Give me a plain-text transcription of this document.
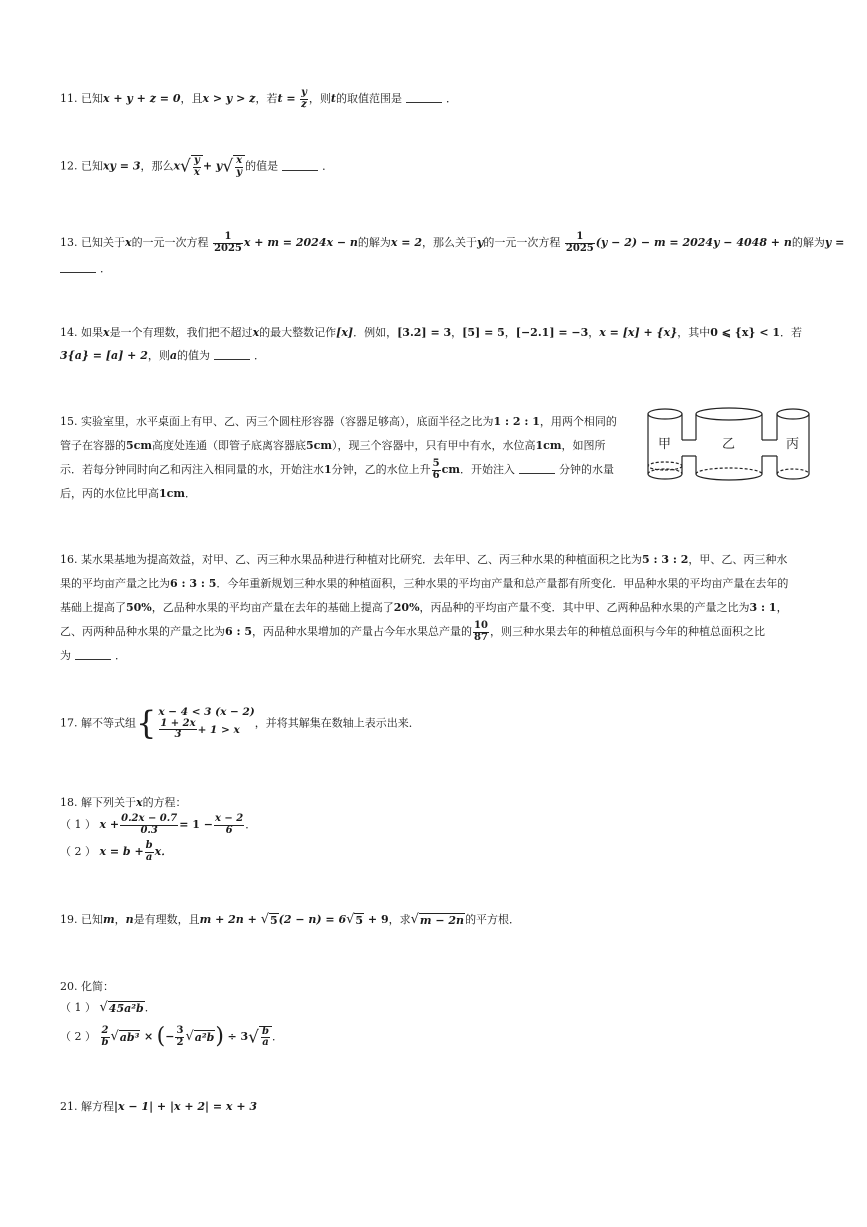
11. 已知x + y + z = 0，且x > y > z，若$t = \frac{y}{z}$ ，则t的取值范围是	．
12. 已知xy = 3，那么$x√ \frac{y}{x} + y√ \frac{x}{y}$ 的值是	．
13. 已知关于x的一元一次方程 $\frac{1}{2025}$ x + m = 2024x − n的解为x = 2，那么关于y的一元一次方程 $\frac{1}{2025} (y - 2) - m = 2024y - 4048 + n$的解为y =
．
14. 如果x是一个有理数，我们把不超过x的最大整数记作[x]．例如，[3.2] = 3，[5] = 5，[−2.1] = −3，x = [x] + {x}，其中0 ⩽ {x} < 1．若
3{a} = [a] + 2，则a的值为	．
15. 实验室里，水平桌面上有甲、乙、丙三个圆柱形容器（容器足够高），底面半径之比为1 : 2 : 1，用两个相同的
管子在容器的5cm高度处连通（即管子底离容器底5cm），现三个容器中，只有甲中有水，水位高1cm，如图所
示．若每分钟同时向乙和丙注入相同量的水，开始注水1分钟，乙的水位上升 $\frac{5}{6}$ cm．开始注入	分钟的水量
后，丙的水位比甲高1cm．
甲	乙	丙
16. 某水果基地为提高效益，对甲、乙、丙三种水果品种进行种植对比研究．去年甲、乙、丙三种水果的种植面积之比为5 : 3 : 2，甲、乙、丙三种水
果的平均亩产量之比为6 : 3 : 5．今年重新规划三种水果的种植面积，三种水果的平均亩产量和总产量都有所变化．甲品种水果的平均亩产量在去年的
基础上提高了50%，乙品种水果的平均亩产量在去年的基础上提高了20%，丙品种的平均亩产量不变．其中甲、乙两种品种水果的产量之比为3 : 1，
乙、丙两种品种水果的产量之比为6 : 5，丙品种水果增加的产量占今年水果总产量的 $\frac{10}{87}$ ，则三种水果去年的种植总面积与今年的种植总面积之比
为	．
17. 解不等式组{ x − 4 < 3 (x − 2)
$\frac{1 + 2x}{3} + 1 > x$
，并将其解集在数轴上表示出来．
18. 解下列关于x的方程：
（ 1 ） $x + \frac{0.2x - 0.7}{0.3} = 1 - \frac{x - 2}{6}$ ．
（ 2 ） $x = b + \frac{b}{a}$ x．
19. 已知m，n是有理数，且m + 2n + √5(2 − n) = 6√5 + 9，求√m − 2n的平方根．
20. 化简：
（ 1 ） √45a²b．
（ 2 ） $\frac{2}{b} √ab^3$ × (− $\frac{3}{2} √a^2b) \div 3√ \frac{b}{a}$ ．
21. 解方程|x − 1| + |x + 2| = x + 3
